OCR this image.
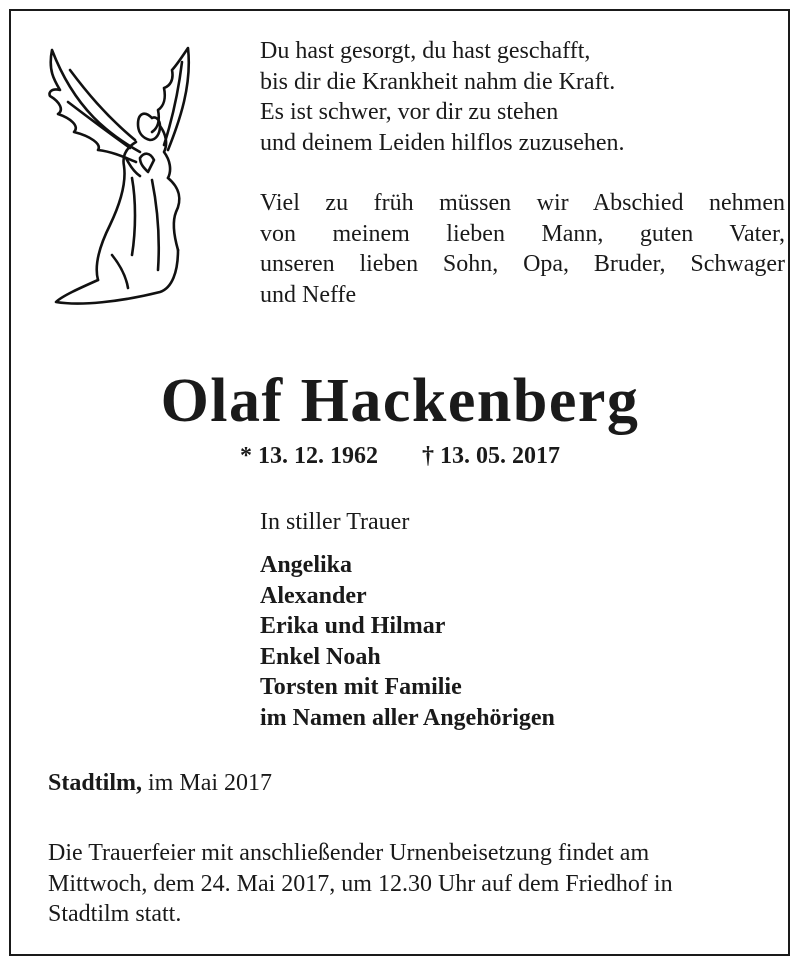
Du hast gesorgt, du hast geschafft,
bis dir die Krankheit nahm die Kraft.
Es ist schwer, vor dir zu stehen
und deinem Leiden hilflos zuzusehen.

Viel zu früh müssen wir Abschied nehmen
von meinem lieben Mann, guten Vater,
unseren lieben Sohn, Opa, Bruder, Schwager
und Neffe
Olaf Hackenberg
* 13. 12. 1962 † 13. 05. 2017
In stiller Trauer
Angelika
Alexander
Erika und Hilmar
Enkel Noah
Torsten mit Familie
im Namen aller Angehörigen
Stadtilm, im Mai 2017

Die Trauerfeier mit anschließender Urnenbeisetzung findet am Mittwoch, dem 24. Mai 2017, um 12.30 Uhr auf dem Friedhof in Stadtilm statt.
